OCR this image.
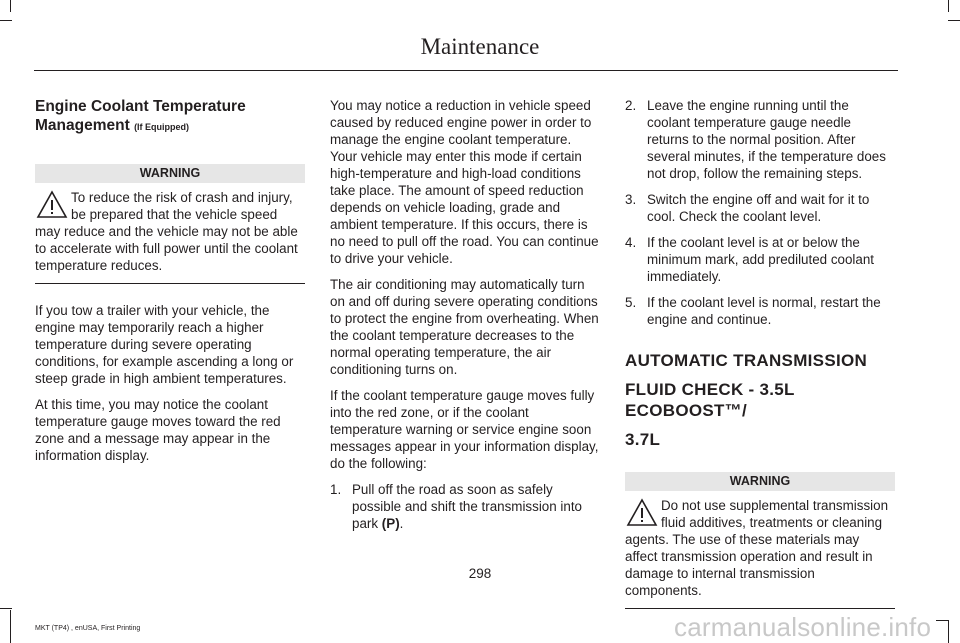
Maintenance
Engine Coolant Temperature Management (If Equipped)
WARNING
To reduce the risk of crash and injury, be prepared that the vehicle speed may reduce and the vehicle may not be able to accelerate with full power until the coolant temperature reduces.

If you tow a trailer with your vehicle, the engine may temporarily reach a higher temperature during severe operating conditions, for example ascending a long or steep grade in high ambient temperatures.

At this time, you may notice the coolant temperature gauge moves toward the red zone and a message may appear in the information display.

You may notice a reduction in vehicle speed caused by reduced engine power in order to manage the engine coolant temperature. Your vehicle may enter this mode if certain high-temperature and high-load conditions take place. The amount of speed reduction depends on vehicle loading, grade and ambient temperature. If this occurs, there is no need to pull off the road. You can continue to drive your vehicle.

The air conditioning may automatically turn on and off during severe operating conditions to protect the engine from overheating. When the coolant temperature decreases to the normal operating temperature, the air conditioning turns on.

If the coolant temperature gauge moves fully into the red zone, or if the coolant temperature warning or service engine soon messages appear in your information display, do the following:

1. Pull off the road as soon as safely possible and shift the transmission into park (P).
2. Leave the engine running until the coolant temperature gauge needle returns to the normal position. After several minutes, if the temperature does not drop, follow the remaining steps.
3. Switch the engine off and wait for it to cool. Check the coolant level.
4. If the coolant level is at or below the minimum mark, add prediluted coolant immediately.
5. If the coolant level is normal, restart the engine and continue.
AUTOMATIC TRANSMISSION
FLUID CHECK - 3.5L ECOBOOST™/
3.7L
WARNING
Do not use supplemental transmission fluid additives, treatments or cleaning agents. The use of these materials may affect transmission operation and result in damage to internal transmission components.
298
MKT (TP4) , enUSA, First Printing	carmanualsonline.info
